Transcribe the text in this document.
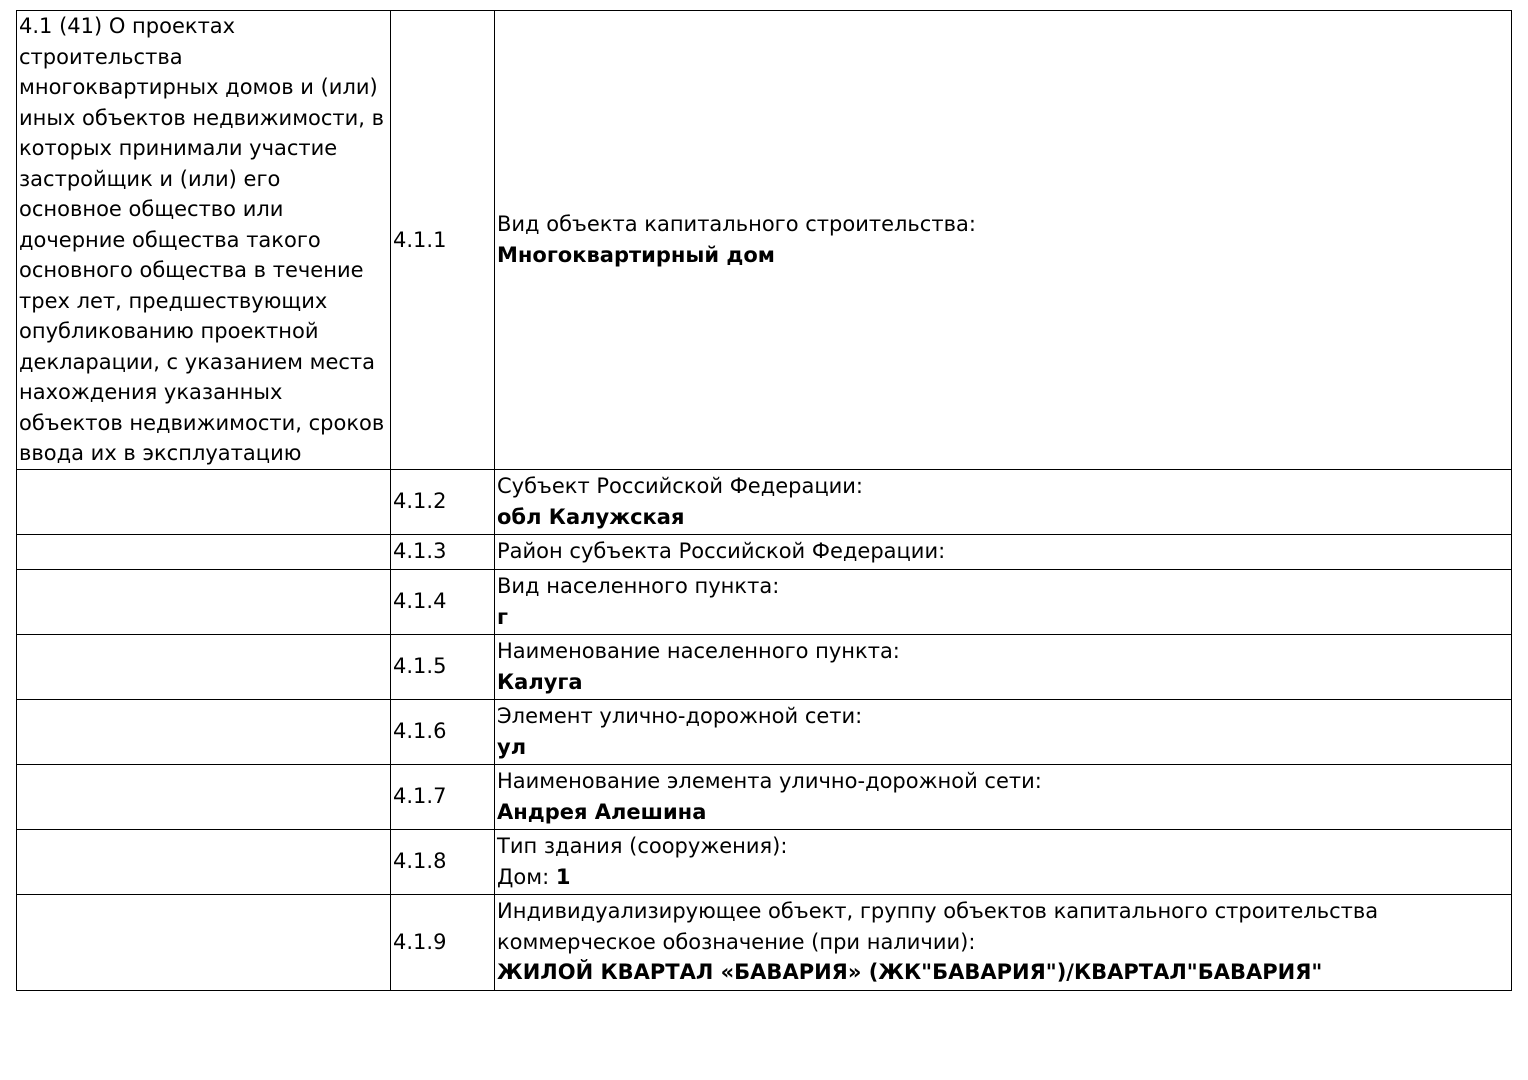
4.1 (41) О проектах строительства многоквартирных домов и (или) иных объектов недвижимости, в которых принимали участие застройщик и (или) его основное общество или дочерние общества такого основного общества в течение трех лет, предшествующих опубликованию проектной декларации, с указанием места нахождения указанных объектов недвижимости, сроков ввода их в эксплуатацию	4.1.1	Вид объекта капитального строительства:
Многоквартирный дом

	4.1.2	Субъект Российской Федерации:
обл Калужская

	4.1.3	Район субъекта Российской Федерации:

	4.1.4	Вид населенного пункта:
г

	4.1.5	Наименование населенного пункта:
Калуга

	4.1.6	Элемент улично-дорожной сети:
ул

	4.1.7	Наименование элемента улично-дорожной сети:
Андрея Алешина

	4.1.8	Тип здания (сооружения):
Дом: 1

	4.1.9	Индивидуализирующее объект, группу объектов капитального строительства коммерческое обозначение (при наличии):
ЖИЛОЙ КВАРТАЛ «БАВАРИЯ» (ЖК"БАВАРИЯ")/КВАРТАЛ"БАВАРИЯ"
